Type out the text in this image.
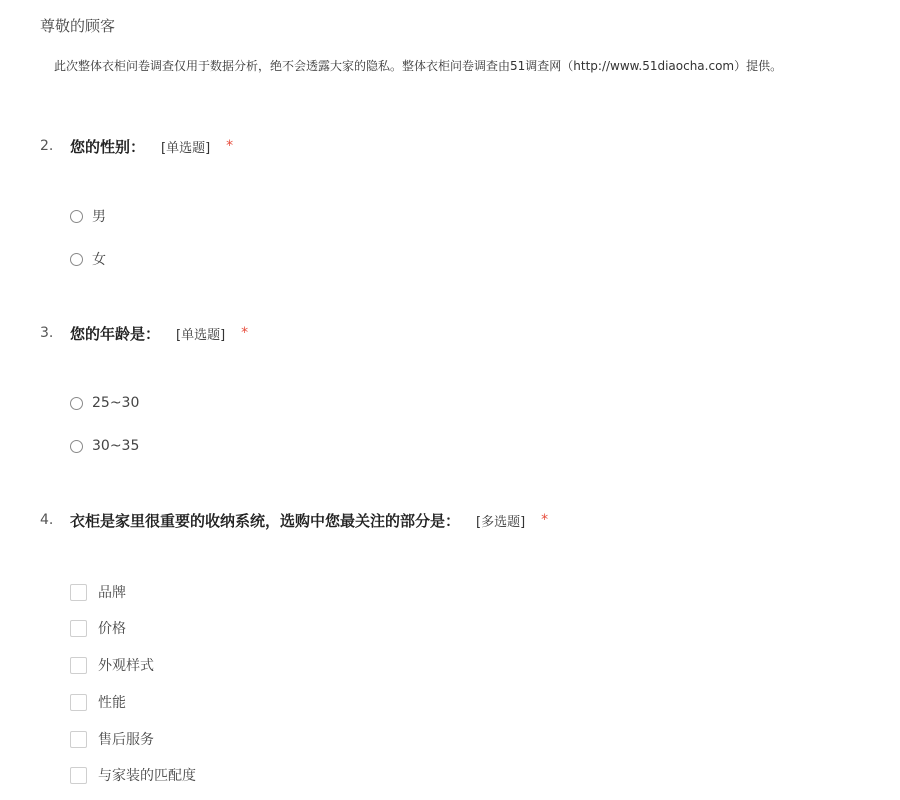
尊敬的顾客
此次整体衣柜问卷调查仅用于数据分析，绝不会透露大家的隐私。整体衣柜问卷调查由51调查网（http://www.51diaocha.com）提供。
2.	您的性别： [单选题] *
男
女
3.	您的年龄是： [单选题] *
25~30
30~35
4.	衣柜是家里很重要的收纳系统，选购中您最关注的部分是： [多选题] *
品牌
价格
外观样式
性能
售后服务
与家装的匹配度
